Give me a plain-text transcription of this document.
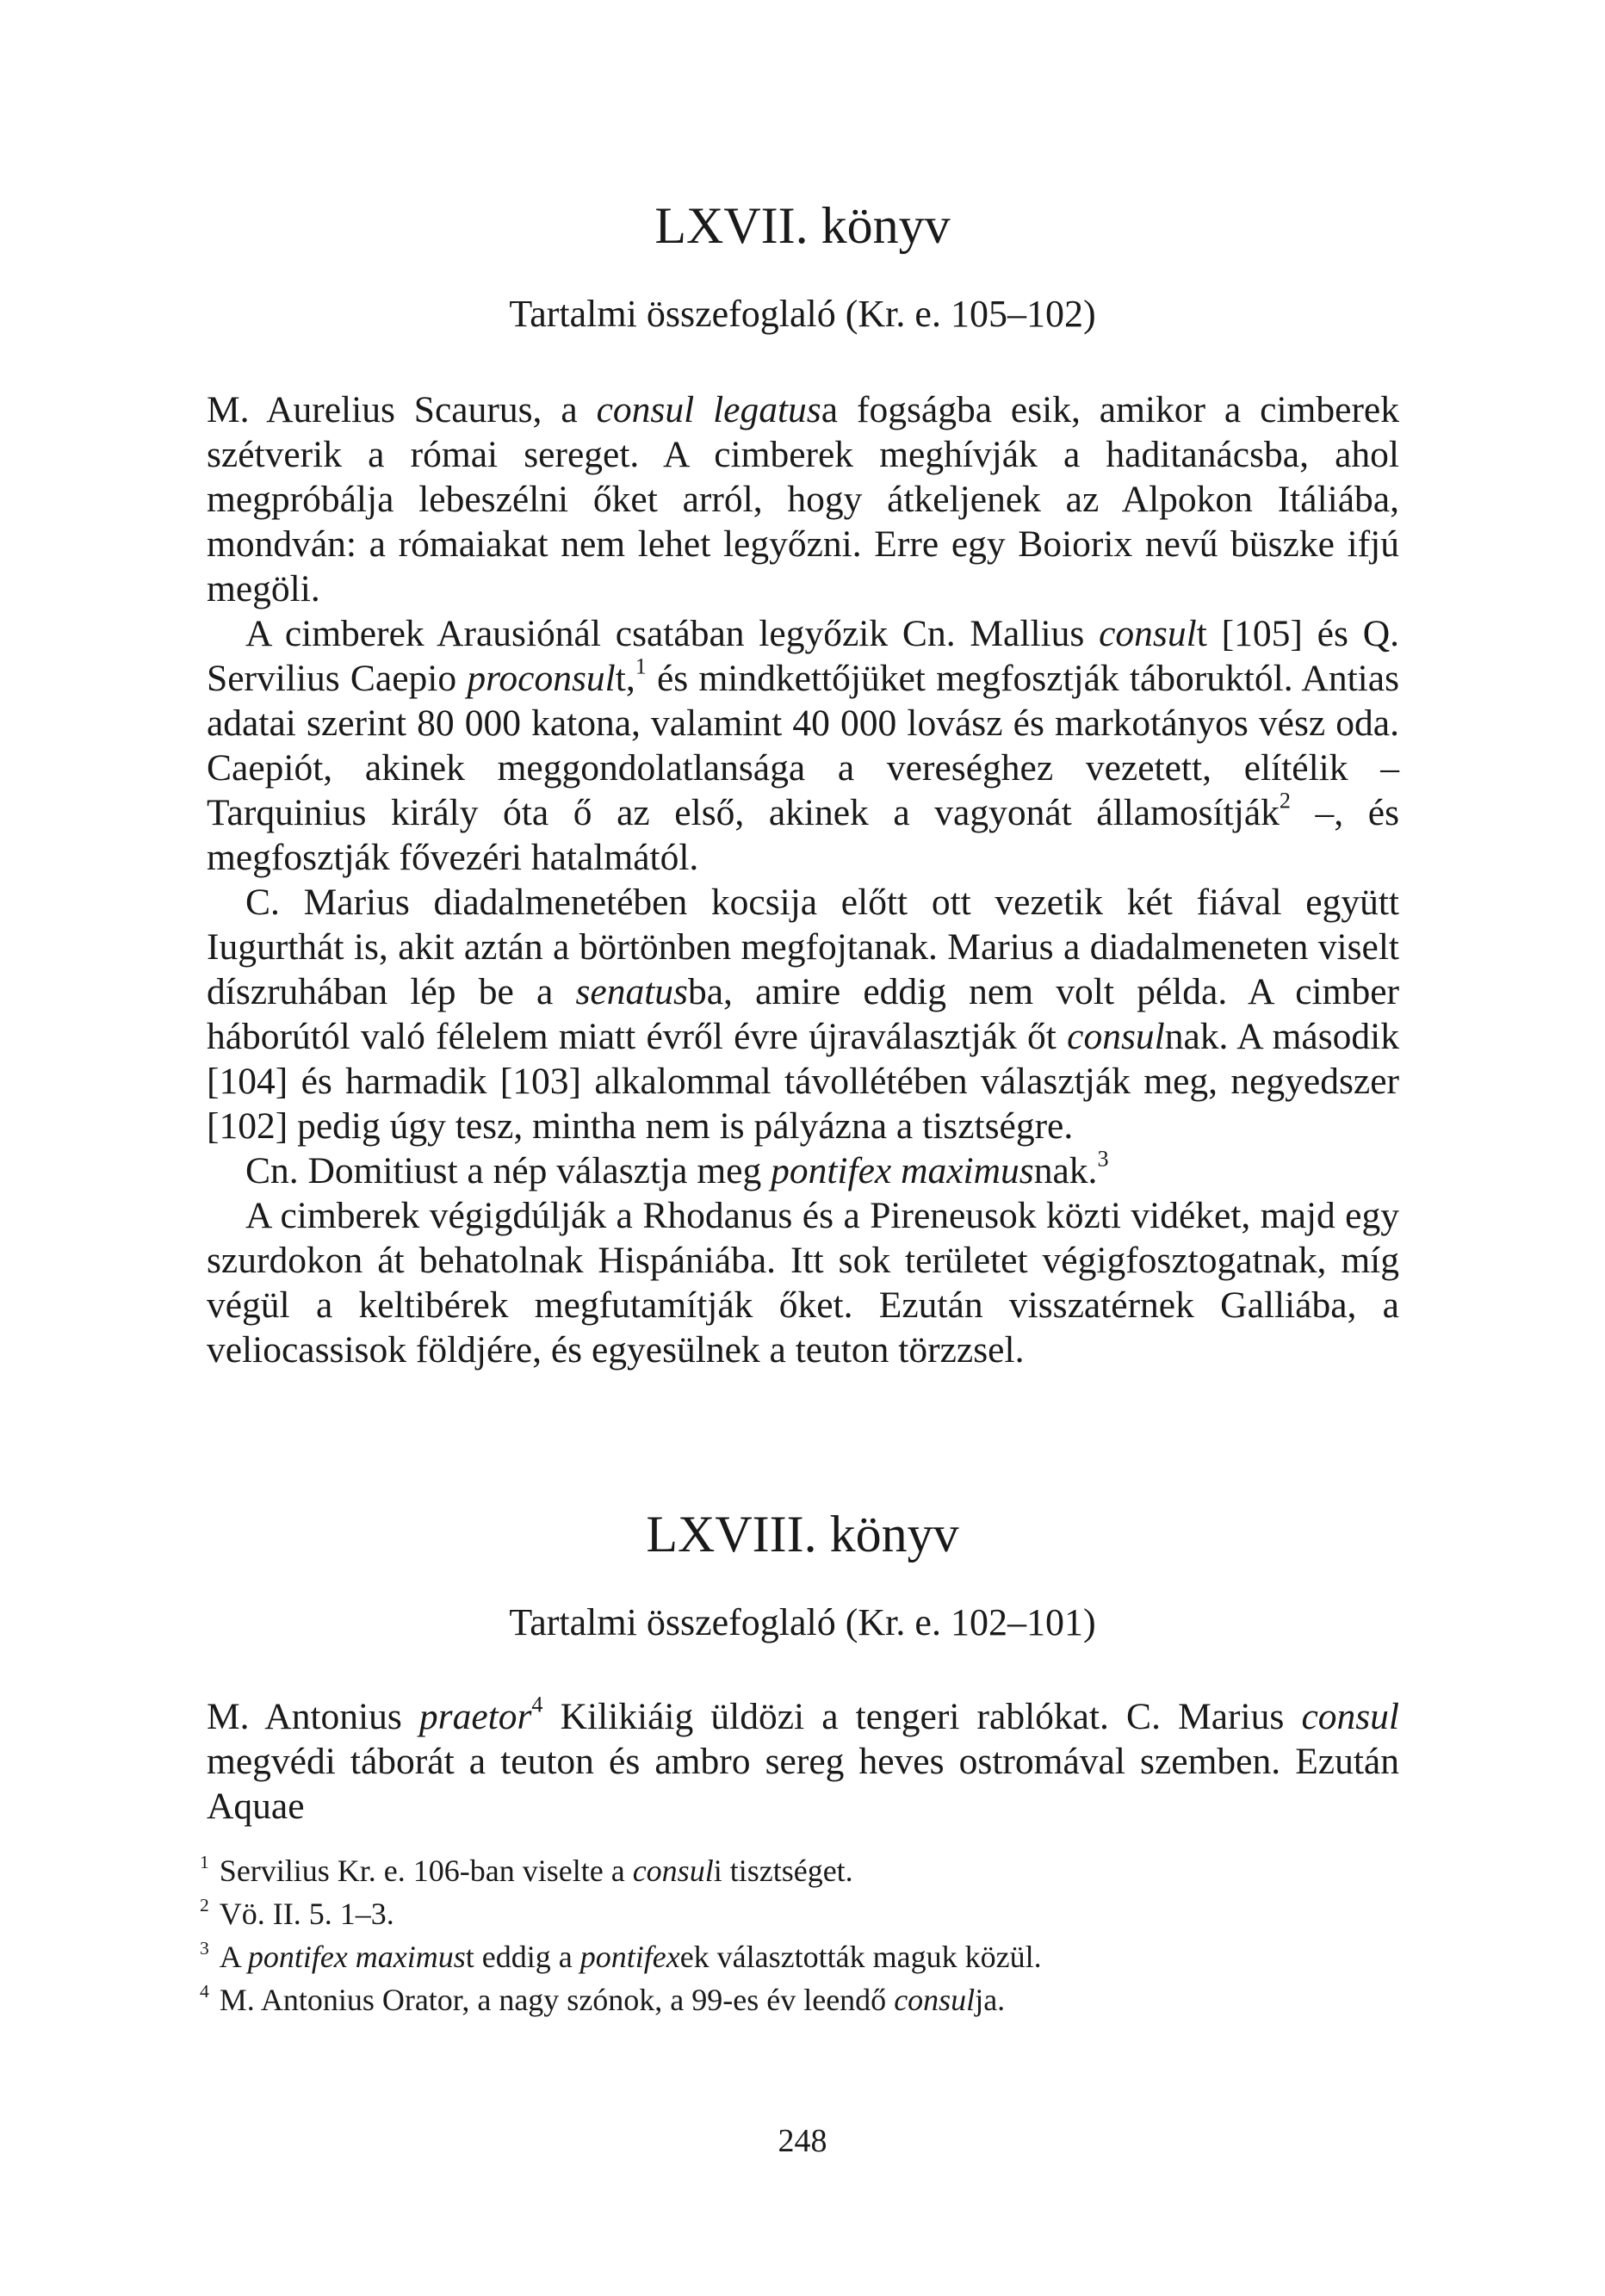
LXVII. könyv
Tartalmi összefoglaló (Kr. e. 105–102)

M. Aurelius Scaurus, a consul legatusa fogságba esik, amikor a cimberek szétverik a római sereget. A cimberek meghívják a haditanácsba, ahol megpróbálja lebeszélni őket arról, hogy átkeljenek az Alpokon Itáliába, mondván: a rómaiakat nem lehet legyőzni. Erre egy Boiorix nevű büszke ifjú megöli.

A cimberek Arausiónál csatában legyőzik Cn. Mallius consult [105] és Q. Servilius Caepio proconsult,$^1$ és mindkettőjüket megfosztják táboruktól. Antias adatai szerint 80 000 katona, valamint 40 000 lovász és markotányos vész oda. Caepiót, akinek meggondolatlansága a vereséghez vezetett, elítélik – Tarquinius király óta ő az első, akinek a vagyonát államosítják$^2$ –, és megfosztják fővezéri hatalmától.

C. Marius diadalmenetében kocsija előtt ott vezetik két fiával együtt Iugurthát is, akit aztán a börtönben megfojtanak. Marius a diadalmeneten viselt díszruhában lép be a senatusba, amire eddig nem volt példa. A cimber háborútól való félelem miatt évről évre újraválasztják őt consulnak. A második [104] és harmadik [103] alkalommal távollétében választják meg, negyedszer [102] pedig úgy tesz, mintha nem is pályázna a tisztségre.

Cn. Domitiust a nép választja meg pontifex maximusnak.$^3$

A cimberek végigdúlják a Rhodanus és a Pireneusok közti vidéket, majd egy szurdokon át behatolnak Hispániába. Itt sok területet végigfosztogatnak, míg végül a keltibérek megfutamítják őket. Ezután visszatérnek Galliába, a veliocassisok földjére, és egyesülnek a teuton törzzsel.

LXVIII. könyv
Tartalmi összefoglaló (Kr. e. 102–101)

M. Antonius praetor$^4$ Kilikiáig üldözi a tengeri rablókat. C. Marius consul megvédi táborát a teuton és ambro sereg heves ostromával szemben. Ezután Aquae

$^1$ Servilius Kr. e. 106-ban viselte a consuli tisztséget.

$^2$ Vö. II. 5. 1–3.

$^3$ A pontifex maximust eddig a pontifexek választották maguk közül.

$^4$ M. Antonius Orator, a nagy szónok, a 99-es év leendő consulja.

248
